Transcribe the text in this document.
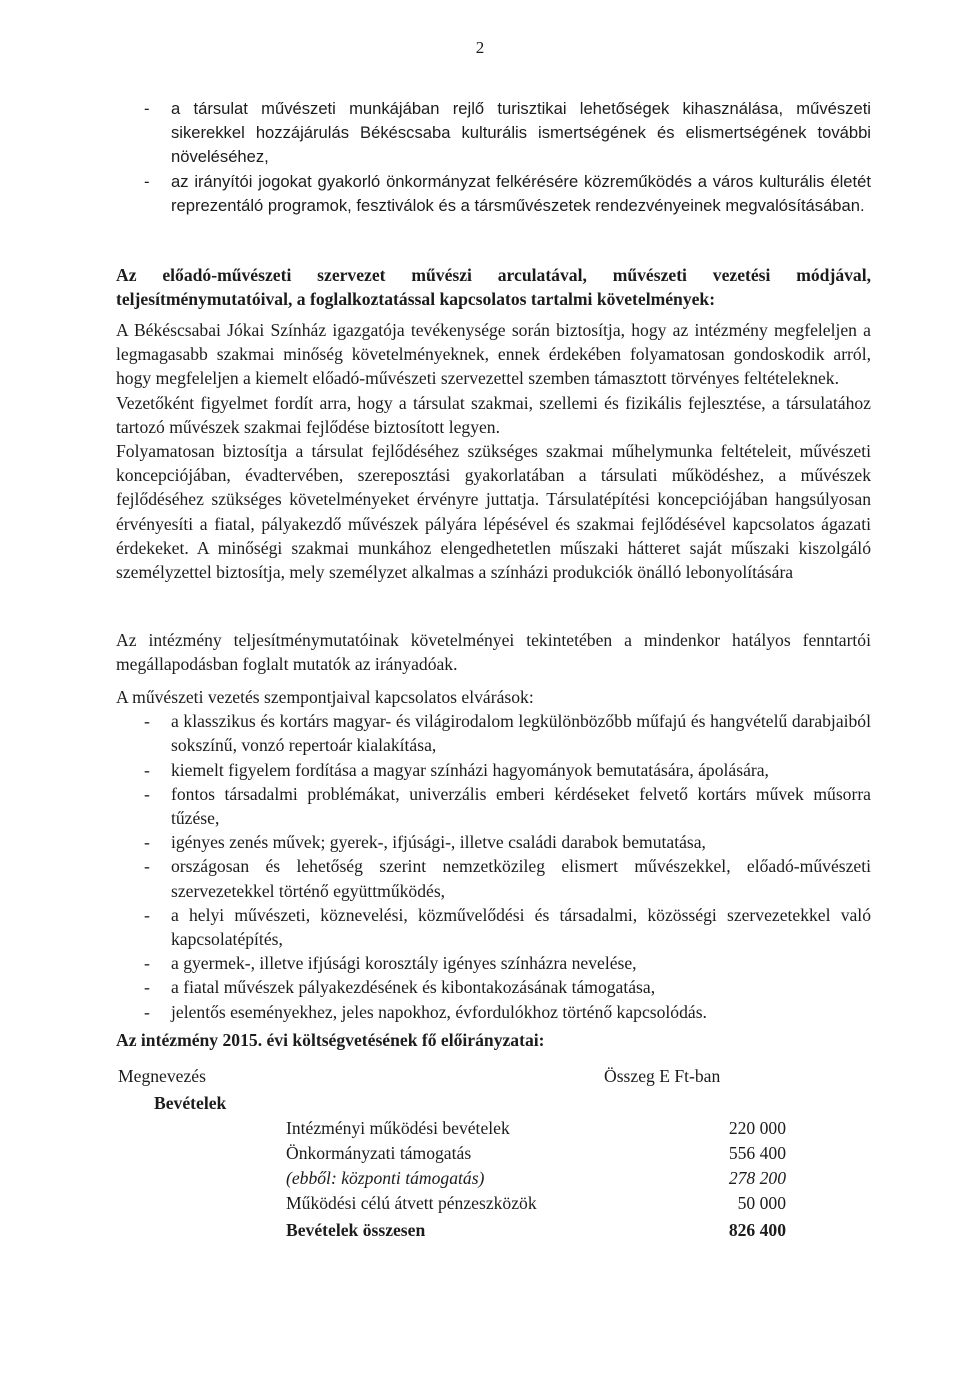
2
- a társulat művészeti munkájában rejlő turisztikai lehetőségek kihasználása, művészeti sikerekkel hozzájárulás Békéscsaba kulturális ismertségének és elismertségének további növeléséhez,
- az irányítói jogokat gyakorló önkormányzat felkérésére közreműködés a város kulturális életét reprezentáló programok, fesztiválok és a társművészetek rendezvényeinek megvalósításában.
Az előadó-művészeti szervezet művészi arculatával, művészeti vezetési módjával, teljesítménymutatóival, a foglalkoztatással kapcsolatos tartalmi követelmények:

A Békéscsabai Jókai Színház igazgatója tevékenysége során biztosítja, hogy az intézmény megfeleljen a legmagasabb szakmai minőség követelményeknek, ennek érdekében folyamatosan gondoskodik arról, hogy megfeleljen a kiemelt előadó-művészeti szervezettel szemben támasztott törvényes feltételeknek.

Vezetőként figyelmet fordít arra, hogy a társulat szakmai, szellemi és fizikális fejlesztése, a társulatához tartozó művészek szakmai fejlődése biztosított legyen.

Folyamatosan biztosítja a társulat fejlődéséhez szükséges szakmai műhelymunka feltételeit, művészeti koncepciójában, évadtervében, szereposztási gyakorlatában a társulati működéshez, a művészek fejlődéséhez szükséges követelményeket érvényre juttatja. Társulatépítési koncepciójában hangsúlyosan érvényesíti a fiatal, pályakezdő művészek pályára lépésével és szakmai fejlődésével kapcsolatos ágazati érdekeket. A minőségi szakmai munkához elengedhetetlen műszaki hátteret saját műszaki kiszolgáló személyzettel biztosítja, mely személyzet alkalmas a színházi produkciók önálló lebonyolítására

Az intézmény teljesítménymutatóinak követelményei tekintetében a mindenkor hatályos fenntartói megállapodásban foglalt mutatók az irányadóak.

A művészeti vezetés szempontjaival kapcsolatos elvárások:

- a klasszikus és kortárs magyar- és világirodalom legkülönbözőbb műfajú és hangvételű darabjaiból sokszínű, vonzó repertoár kialakítása,
- kiemelt figyelem fordítása a magyar színházi hagyományok bemutatására, ápolására,
- fontos társadalmi problémákat, univerzális emberi kérdéseket felvető kortárs művek műsorra tűzése,
- igényes zenés művek; gyerek-, ifjúsági-, illetve családi darabok bemutatása,
- országosan és lehetőség szerint nemzetközileg elismert művészekkel, előadó-művészeti szervezetekkel történő együttműködés,
- a helyi művészeti, köznevelési, közművelődési és társadalmi, közösségi szervezetekkel való kapcsolatépítés,
- a gyermek-, illetve ifjúsági korosztály igényes színházra nevelése,
- a fiatal művészek pályakezdésének és kibontakozásának támogatása,
- jelentős eseményekhez, jeles napokhoz, évfordulókhoz történő kapcsolódás.
Az intézmény 2015. évi költségvetésének fő előirányzatai:
Megnevezés	Összeg E Ft-ban
Bevételek
Intézményi működési bevételek	220 000
Önkormányzati támogatás	556 400
(ebből: központi támogatás)	278 200
Működési célú átvett pénzeszközök	50 000
Bevételek összesen	826 400
